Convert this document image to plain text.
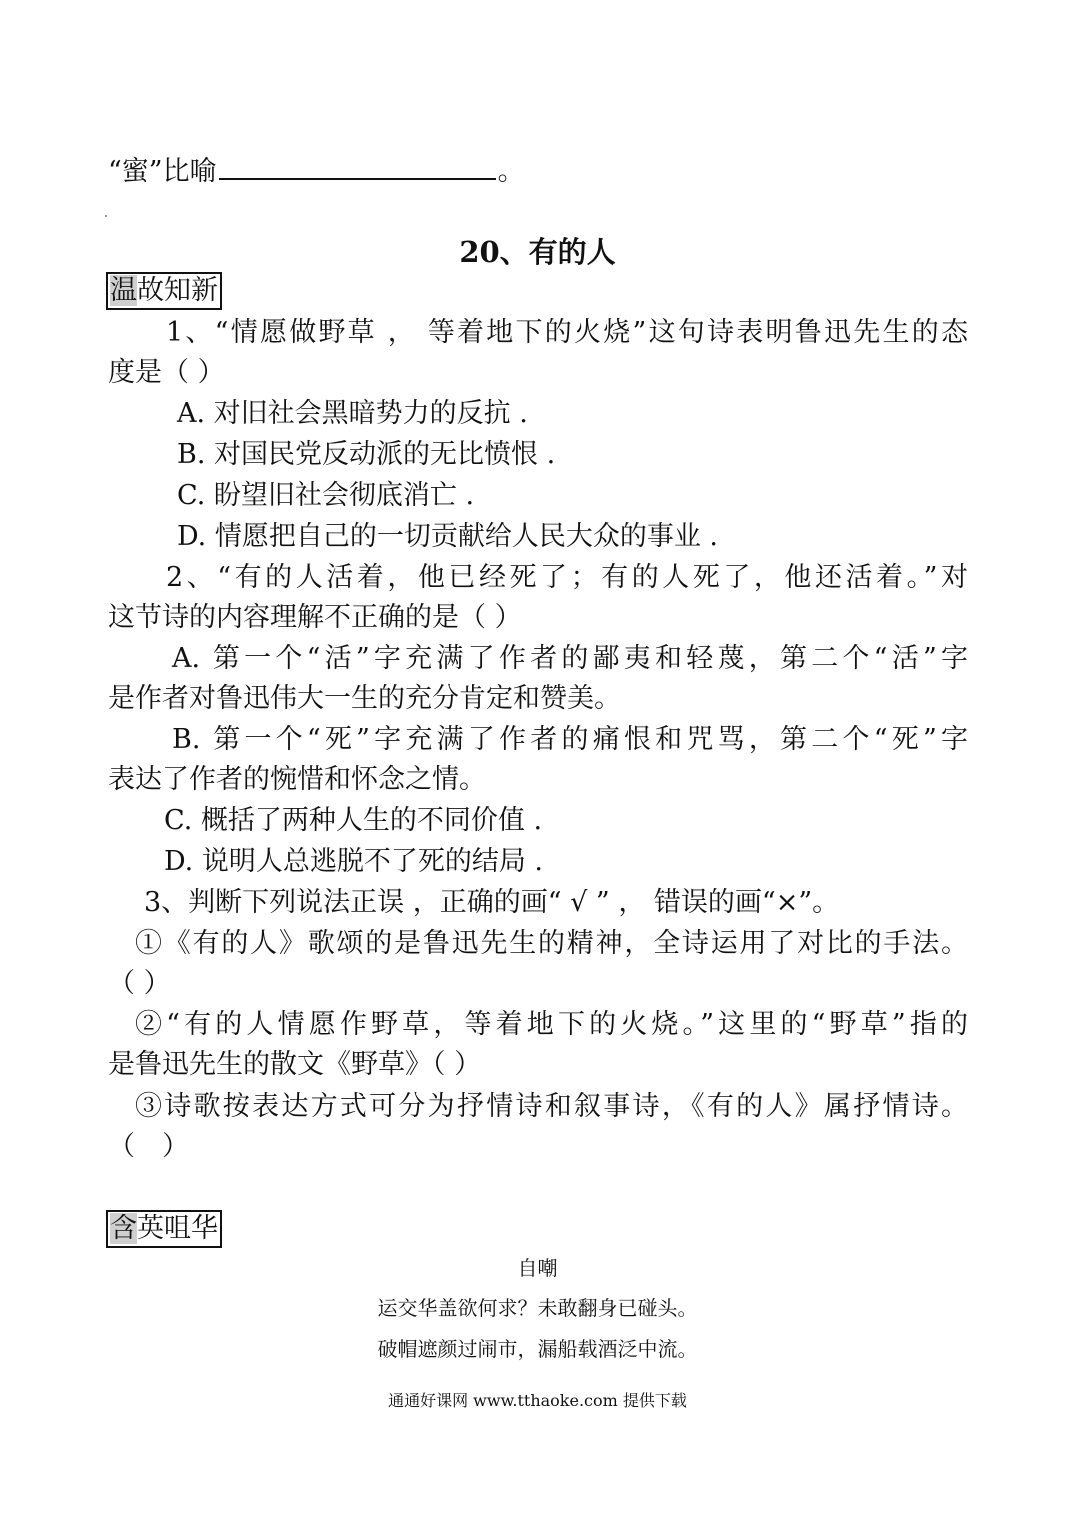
“蜜”比喻	。
20、有的人
温故知新
1、“情愿做野草 ， 等着地下的火烧”这句诗表明鲁迅先生的态
度是（ ）
A. 对旧社会黑暗势力的反抗 .
B. 对国民党反动派的无比愤恨 .
C. 盼望旧社会彻底消亡 .
D. 情愿把自己的一切贡献给人民大众的事业 .
2、“有的人活着，他已经死了；有的人死了，他还活着。”对
这节诗的内容理解不正确的是（ ）
A. 第一个“活”字充满了作者的鄙夷和轻蔑，第二个“活”字
是作者对鲁迅伟大一生的充分肯定和赞美。
B. 第一个“死”字充满了作者的痛恨和咒骂，第二个“死”字
表达了作者的惋惜和怀念之情。
C. 概括了两种人生的不同价值 .
D. 说明人总逃脱不了死的结局 .
3、判断下列说法正误 ，正确的画“ √ ” ， 错误的画“×”。
①《有的人》歌颂的是鲁迅先生的精神，全诗运用了对比的手法。
（ ）
②“有的人情愿作野草，等着地下的火烧。”这里的“野草”指的
是鲁迅先生的散文《野草》（ ）
③诗歌按表达方式可分为抒情诗和叙事诗，《有的人》属抒情诗。
（　）
含英咀华
自嘲
运交华盖欲何求？未敢翻身已碰头。
破帽遮颜过闹市，漏船载酒泛中流。
通通好课网 www.tthaoke.com 提供下载
